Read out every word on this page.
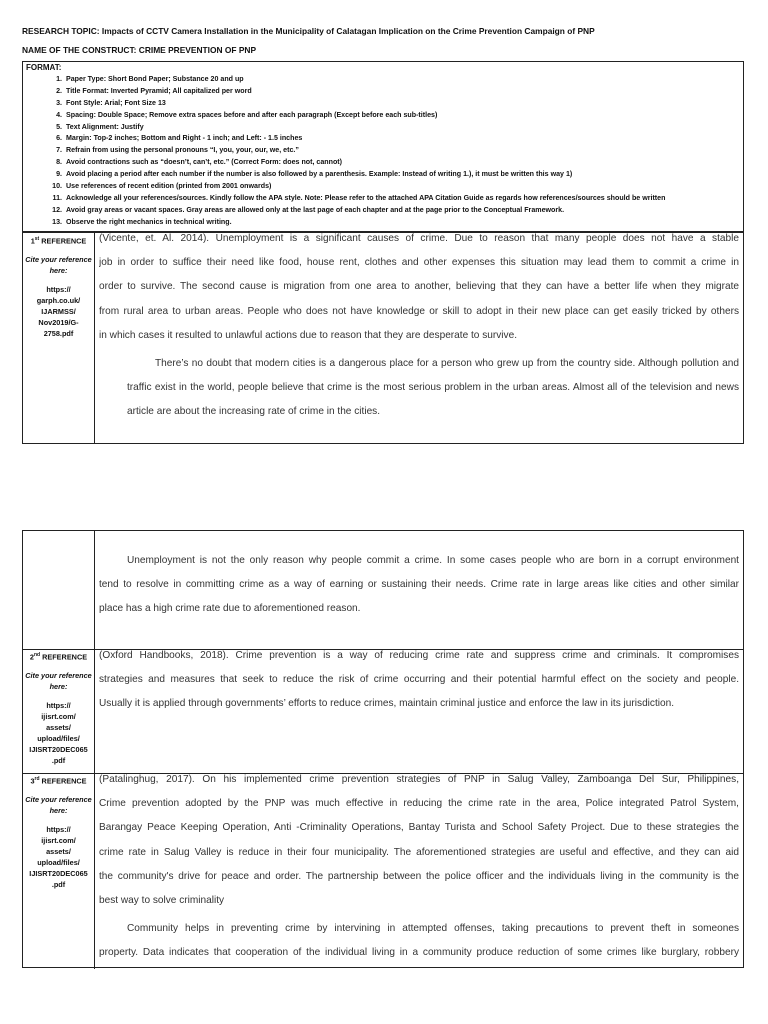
RESEARCH TOPIC: Impacts of CCTV Camera Installation in the Municipality of Calatagan Implication on the Crime Prevention Campaign of PNP
NAME OF THE CONSTRUCT: CRIME PREVENTION OF PNP
FORMAT:
1. Paper Type: Short Bond Paper; Substance 20 and up
2. Title Format: Inverted Pyramid; All capitalized per word
3. Font Style: Arial; Font Size 13
4. Spacing: Double Space; Remove extra spaces before and after each paragraph (Except before each sub-titles)
5. Text Alignment: Justify
6. Margin: Top-2 inches; Bottom and Right - 1 inch; and Left: - 1.5 inches
7. Refrain from using the personal pronouns “I, you, your, our, we, etc.”
8. Avoid contractions such as “doesn’t, can’t, etc.” (Correct Form: does not, cannot)
9. Avoid placing a period after each number if the number is also followed by a parenthesis. Example: Instead of writing 1.), it must be written this way 1)
10. Use references of recent edition (printed from 2001 onwards)
11. Acknowledge all your references/sources. Kindly follow the APA style. Note: Please refer to the attached APA Citation Guide as regards how references/sources should be written
12. Avoid gray areas or vacant spaces. Gray areas are allowed only at the last page of each chapter and at the page prior to the Conceptual Framework.
13. Observe the right mechanics in technical writing.
1st REFERENCE
Cite your reference here:
https://
garph.co.uk/
IJARMSS/
Nov2019/G-
2758.pdf

(Vicente, et. Al. 2014). Unemployment is a significant causes of crime. Due to reason that many people does not have a stable
job in order to suffice their need like food, house rent, clothes and other expenses this situation may lead them to commit a crime in
order to survive. The second cause is migration from one area to another, believing that they can have a better life when they migrate
from rural area to urban areas. People who does not have knowledge or skill to adopt in their new place can get easily tricked by others
in which cases it resulted to unlawful actions due to reason that they are desperate to survive.

There’s no doubt that modern cities is a dangerous place for a person who grew up from the country side. Although pollution and
traffic exist in the world, people believe that crime is the most serious problem in the urban areas. Almost all of the television and news
article are about the increasing rate of crime in the cities.

Unemployment is not the only reason why people commit a crime. In some cases people who are born in a corrupt environment
tend to resolve in committing crime as a way of earning or sustaining their needs. Crime rate in large areas like cities and other similar
place has a high crime rate due to aforementioned reason.

2nd REFERENCE
Cite your reference here:
https://
ijisrt.com/
assets/
upload/files/
IJISRT20DEC065
.pdf

(Oxford Handbooks, 2018). Crime prevention is a way of reducing crime rate and suppress crime and criminals. It compromises
strategies and measures that seek to reduce the risk of crime occurring and their potential harmful effect on the society and people.
Usually it is applied through governments’ efforts to reduce crimes, maintain criminal justice and enforce the law in its jurisdiction.

3rd REFERENCE
Cite your reference here:
https://
ijisrt.com/
assets/
upload/files/
IJISRT20DEC065
.pdf

(Patalinghug, 2017). On his implemented crime prevention strategies of PNP in Salug Valley, Zamboanga Del Sur, Philippines,
Crime prevention adopted by the PNP was much effective in reducing the crime rate in the area, Police integrated Patrol System,
Barangay Peace Keeping Operation, Anti -Criminality Operations, Bantay Turista and School Safety Project. Due to these strategies the
crime rate in Salug Valley is reduce in their four municipality. The aforementioned strategies are useful and effective, and they can aid
the community's drive for peace and order. The partnership between the police officer and the individuals living in the community is the
best way to solve criminality

Community helps in preventing crime by intervining in attempted offenses, taking precautions to prevent theft in someones
property. Data indicates that cooperation of the individual living in a community produce reduction of some crimes like burglary, robbery
